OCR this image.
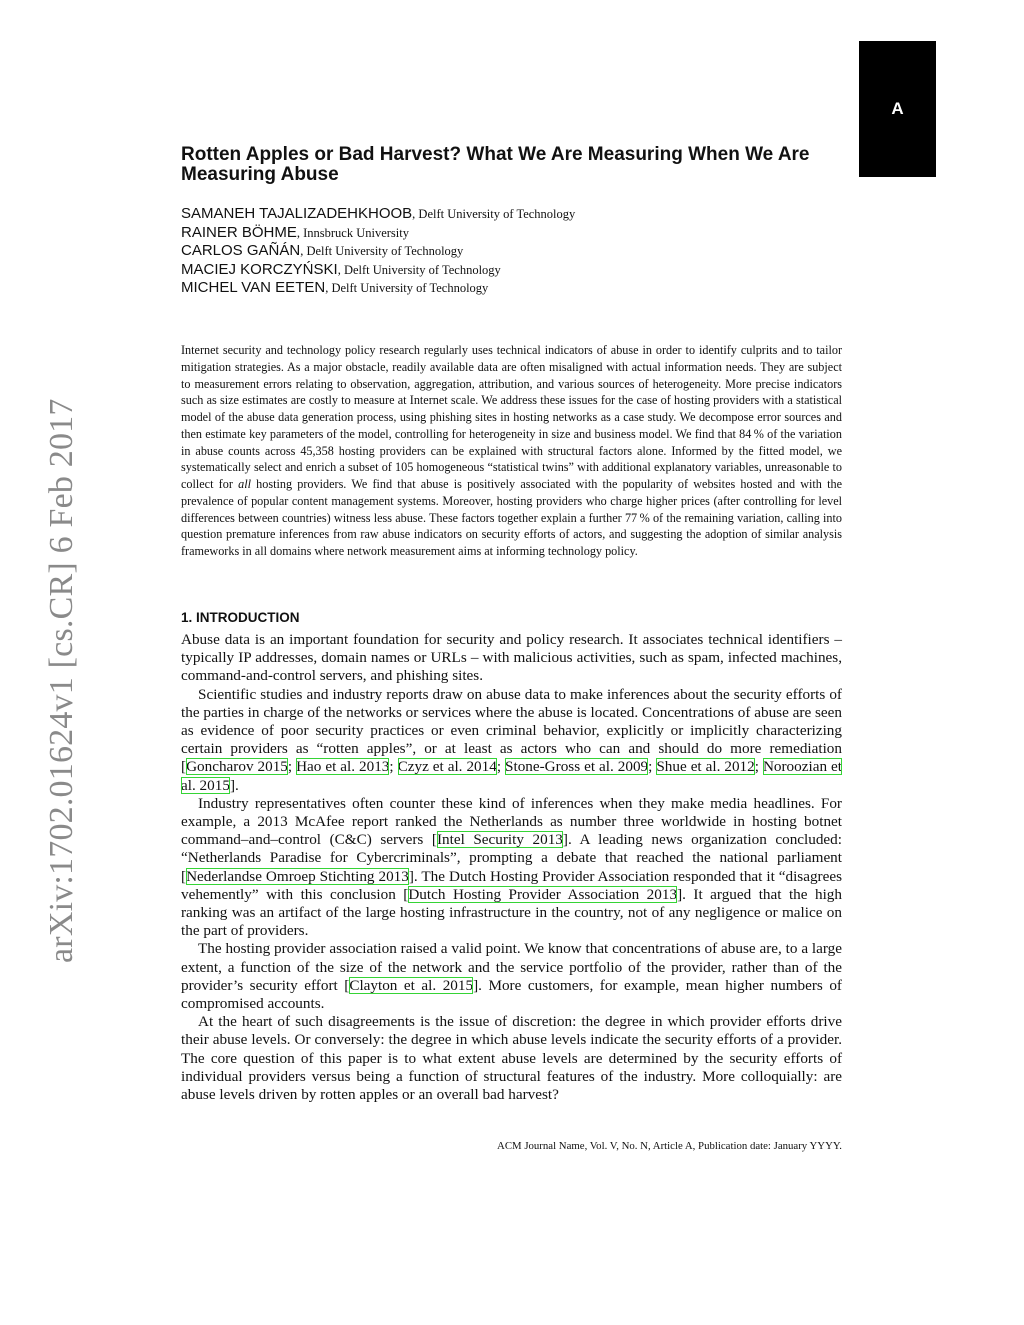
A
arXiv:1702.01624v1 [cs.CR] 6 Feb 2017
Rotten Apples or Bad Harvest? What We Are Measuring When We Are Measuring Abuse
SAMANEH TAJALIZADEHKHOOB, Delft University of Technology
RAINER BÖHME, Innsbruck University
CARLOS GAÑÁN, Delft University of Technology
MACIEJ KORCZYŃSKI, Delft University of Technology
MICHEL VAN EETEN, Delft University of Technology

Internet security and technology policy research regularly uses technical indicators of abuse in order to identify culprits and to tailor mitigation strategies. As a major obstacle, readily available data are often misaligned with actual information needs. They are subject to measurement errors relating to observation, aggregation, attribution, and various sources of heterogeneity. More precise indicators such as size estimates are costly to measure at Internet scale. We address these issues for the case of hosting providers with a statistical model of the abuse data generation process, using phishing sites in hosting networks as a case study. We decompose error sources and then estimate key parameters of the model, controlling for heterogeneity in size and business model. We find that 84 % of the variation in abuse counts across 45,358 hosting providers can be explained with structural factors alone. Informed by the fitted model, we systematically select and enrich a subset of 105 homogeneous “statistical twins” with additional explanatory variables, unreasonable to collect for all hosting providers. We find that abuse is positively associated with the popularity of websites hosted and with the prevalence of popular content management systems. Moreover, hosting providers who charge higher prices (after controlling for level differences between countries) witness less abuse. These factors together explain a further 77 % of the remaining variation, calling into question premature inferences from raw abuse indicators on security efforts of actors, and suggesting the adoption of similar analysis frameworks in all domains where network measurement aims at informing technology policy.

1. INTRODUCTION

Abuse data is an important foundation for security and policy research. It associates technical identifiers – typically IP addresses, domain names or URLs – with malicious activities, such as spam, infected machines, command-and-control servers, and phishing sites.

Scientific studies and industry reports draw on abuse data to make inferences about the security efforts of the parties in charge of the networks or services where the abuse is located. Concentrations of abuse are seen as evidence of poor security practices or even criminal behavior, explicitly or implicitly characterizing certain providers as “rotten apples”, or at least as actors who can and should do more remediation [Goncharov 2015; Hao et al. 2013; Czyz et al. 2014; Stone-Gross et al. 2009; Shue et al. 2012; Noroozian et al. 2015].

Industry representatives often counter these kind of inferences when they make media headlines. For example, a 2013 McAfee report ranked the Netherlands as number three worldwide in hosting botnet command–and–control (C&C) servers [Intel Security 2013]. A leading news organization concluded: “Netherlands Paradise for Cybercriminals”, prompting a debate that reached the national parliament [Nederlandse Omroep Stichting 2013]. The Dutch Hosting Provider Association responded that it “disagrees vehemently” with this conclusion [Dutch Hosting Provider Association 2013]. It argued that the high ranking was an artifact of the large hosting infrastructure in the country, not of any negligence or malice on the part of providers.

The hosting provider association raised a valid point. We know that concentrations of abuse are, to a large extent, a function of the size of the network and the service portfolio of the provider, rather than of the provider’s security effort [Clayton et al. 2015]. More customers, for example, mean higher numbers of compromised accounts.

At the heart of such disagreements is the issue of discretion: the degree in which provider efforts drive their abuse levels. Or conversely: the degree in which abuse levels indicate the security efforts of a provider. The core question of this paper is to what extent abuse levels are determined by the security efforts of individual providers versus being a function of structural features of the industry. More colloquially: are abuse levels driven by rotten apples or an overall bad harvest?

ACM Journal Name, Vol. V, No. N, Article A, Publication date: January YYYY.
